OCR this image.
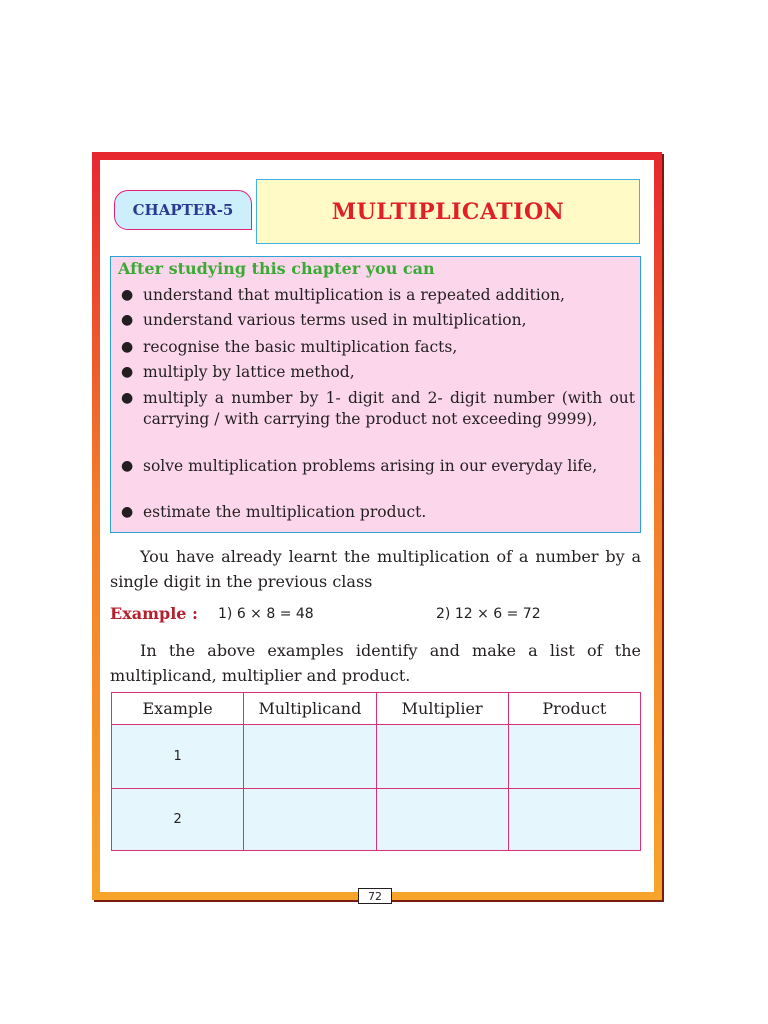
CHAPTER-5	MULTIPLICATION
After studying this chapter you can
● understand that multiplication is a repeated addition,
● understand various terms used in multiplication,
● recognise the basic multiplication facts,
● multiply by lattice method,
● multiply a number by 1- digit and 2- digit number (with out carrying / with carrying the product not exceeding 9999),
● solve multiplication problems arising in our everyday life,
● estimate the multiplication product.
You have already learnt the multiplication of a number by a single digit in the previous class
Example : 1) 6 × 8 = 48	2) 12 × 6 = 72
In the above examples identify and make a list of the multiplicand, multiplier and product.
Example	Multiplicand	Multiplier	Product
1			
2			
72
